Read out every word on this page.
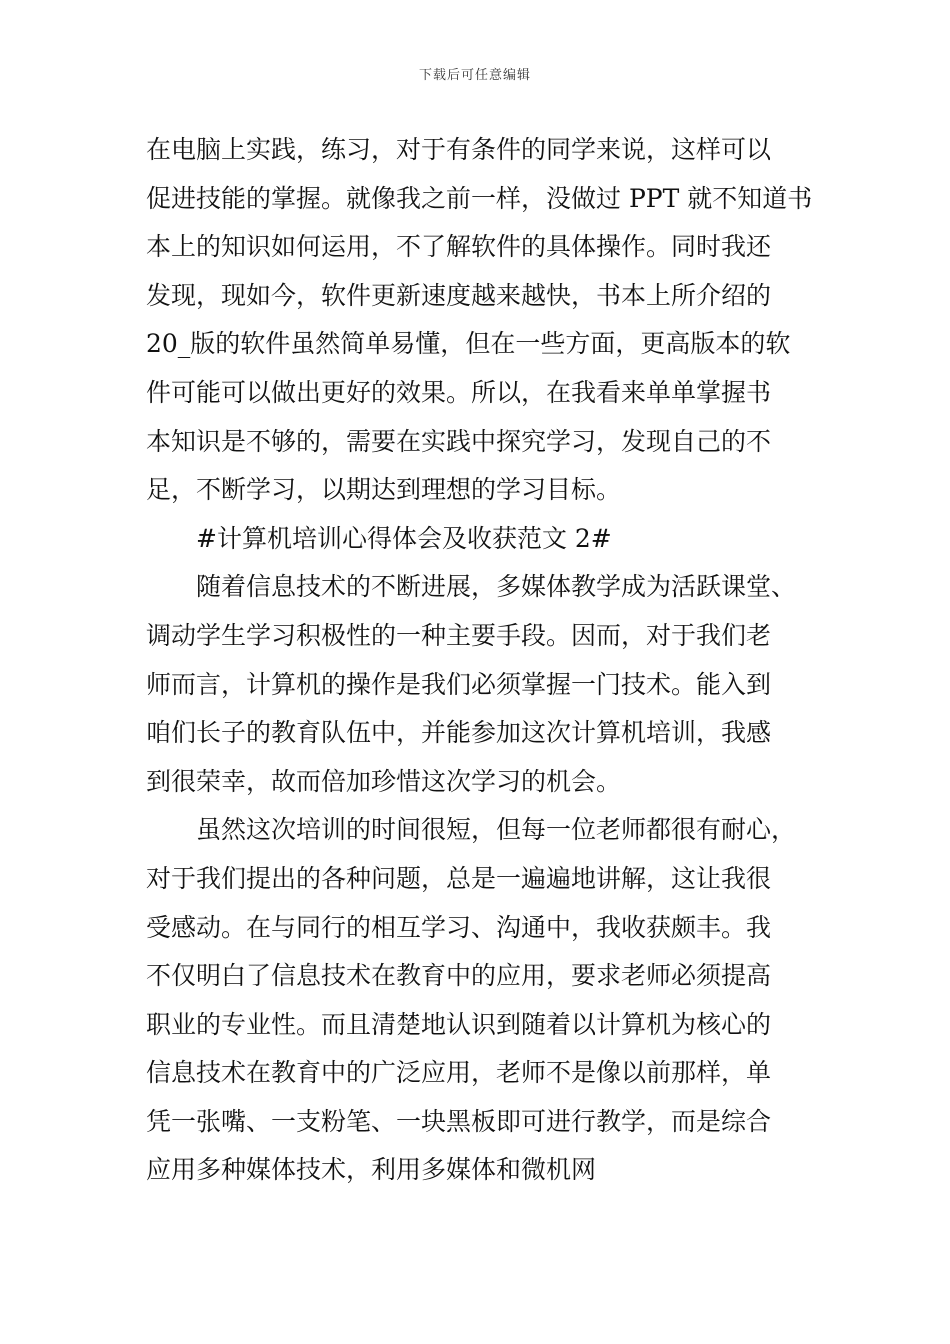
下载后可任意编辑
在电脑上实践，练习，对于有条件的同学来说，这样可以
促进技能的掌握。就像我之前一样，没做过 PPT 就不知道书
本上的知识如何运用，不了解软件的具体操作。同时我还
发现，现如今，软件更新速度越来越快，书本上所介绍的
20_版的软件虽然简单易懂，但在一些方面，更高版本的软
件可能可以做出更好的效果。所以，在我看来单单掌握书
本知识是不够的，需要在实践中探究学习，发现自己的不
足，不断学习，以期达到理想的学习目标。
#计算机培训心得体会及收获范文 2#
随着信息技术的不断进展，多媒体教学成为活跃课堂、
调动学生学习积极性的一种主要手段。因而，对于我们老
师而言，计算机的操作是我们必须掌握一门技术。能入到
咱们长子的教育队伍中，并能参加这次计算机培训，我感
到很荣幸，故而倍加珍惜这次学习的机会。
虽然这次培训的时间很短，但每一位老师都很有耐心，
对于我们提出的各种问题，总是一遍遍地讲解，这让我很
受感动。在与同行的相互学习、沟通中，我收获颇丰。我
不仅明白了信息技术在教育中的应用，要求老师必须提高
职业的专业性。而且清楚地认识到随着以计算机为核心的
信息技术在教育中的广泛应用，老师不是像以前那样，单
凭一张嘴、一支粉笔、一块黑板即可进行教学，而是综合
应用多种媒体技术，利用多媒体和微机网
